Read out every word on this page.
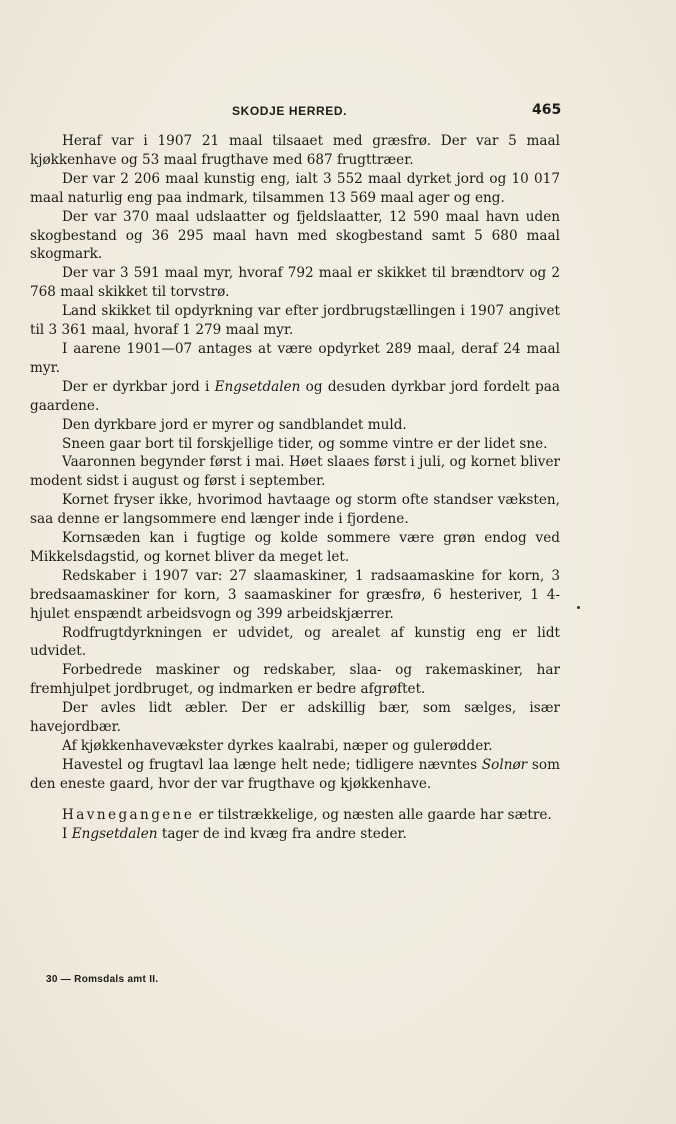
SKODJE HERRED.	465

Heraf var i 1907 21 maal tilsaaet med græsfrø. Der var 5 maal kjøkkenhave og 53 maal frugthave med 687 frugttræer.

Der var 2 206 maal kunstig eng, ialt 3 552 maal dyrket jord og 10 017 maal naturlig eng paa indmark, tilsammen 13 569 maal ager og eng.

Der var 370 maal udslaatter og fjeldslaatter, 12 590 maal havn uden skogbestand og 36 295 maal havn med skogbestand samt 5 680 maal skogmark.

Der var 3 591 maal myr, hvoraf 792 maal er skikket til brændtorv og 2 768 maal skikket til torvstrø.

Land skikket til opdyrkning var efter jordbrugstællingen i 1907 angivet til 3 361 maal, hvoraf 1 279 maal myr.

I aarene 1901—07 antages at være opdyrket 289 maal, deraf 24 maal myr.

Der er dyrkbar jord i Engsetdalen og desuden dyrkbar jord fordelt paa gaardene.

Den dyrkbare jord er myrer og sandblandet muld.

Sneen gaar bort til forskjellige tider, og somme vintre er der lidet sne.

Vaaronnen begynder først i mai. Høet slaaes først i juli, og kornet bliver modent sidst i august og først i september.

Kornet fryser ikke, hvorimod havtaage og storm ofte standser væksten, saa denne er langsommere end længer inde i fjordene.

Kornsæden kan i fugtige og kolde sommere være grøn endog ved Mikkelsdagstid, og kornet bliver da meget let.

Redskaber i 1907 var: 27 slaamaskiner, 1 radsaamaskine for korn, 3 bredsaamaskiner for korn, 3 saamaskiner for græsfrø, 6 hesteriver, 1 4-hjulet enspændt arbeidsvogn og 399 arbeidskjærrer.

Rodfrugtdyrkningen er udvidet, og arealet af kunstig eng er lidt udvidet.

Forbedrede maskiner og redskaber, slaa- og rakemaskiner, har fremhjulpet jordbruget, og indmarken er bedre afgrøftet.

Der avles lidt æbler. Der er adskillig bær, som sælges, især havejordbær.

Af kjøkkenhavevækster dyrkes kaalrabi, næper og gulerødder.

Havestel og frugtavl laa længe helt nede; tidligere nævntes Solnør som den eneste gaard, hvor der var frugthave og kjøkkenhave.

Havnegangene er tilstrækkelige, og næsten alle gaarde har sætre.

I Engsetdalen tager de ind kvæg fra andre steder.

30 — Romsdals amt II.
